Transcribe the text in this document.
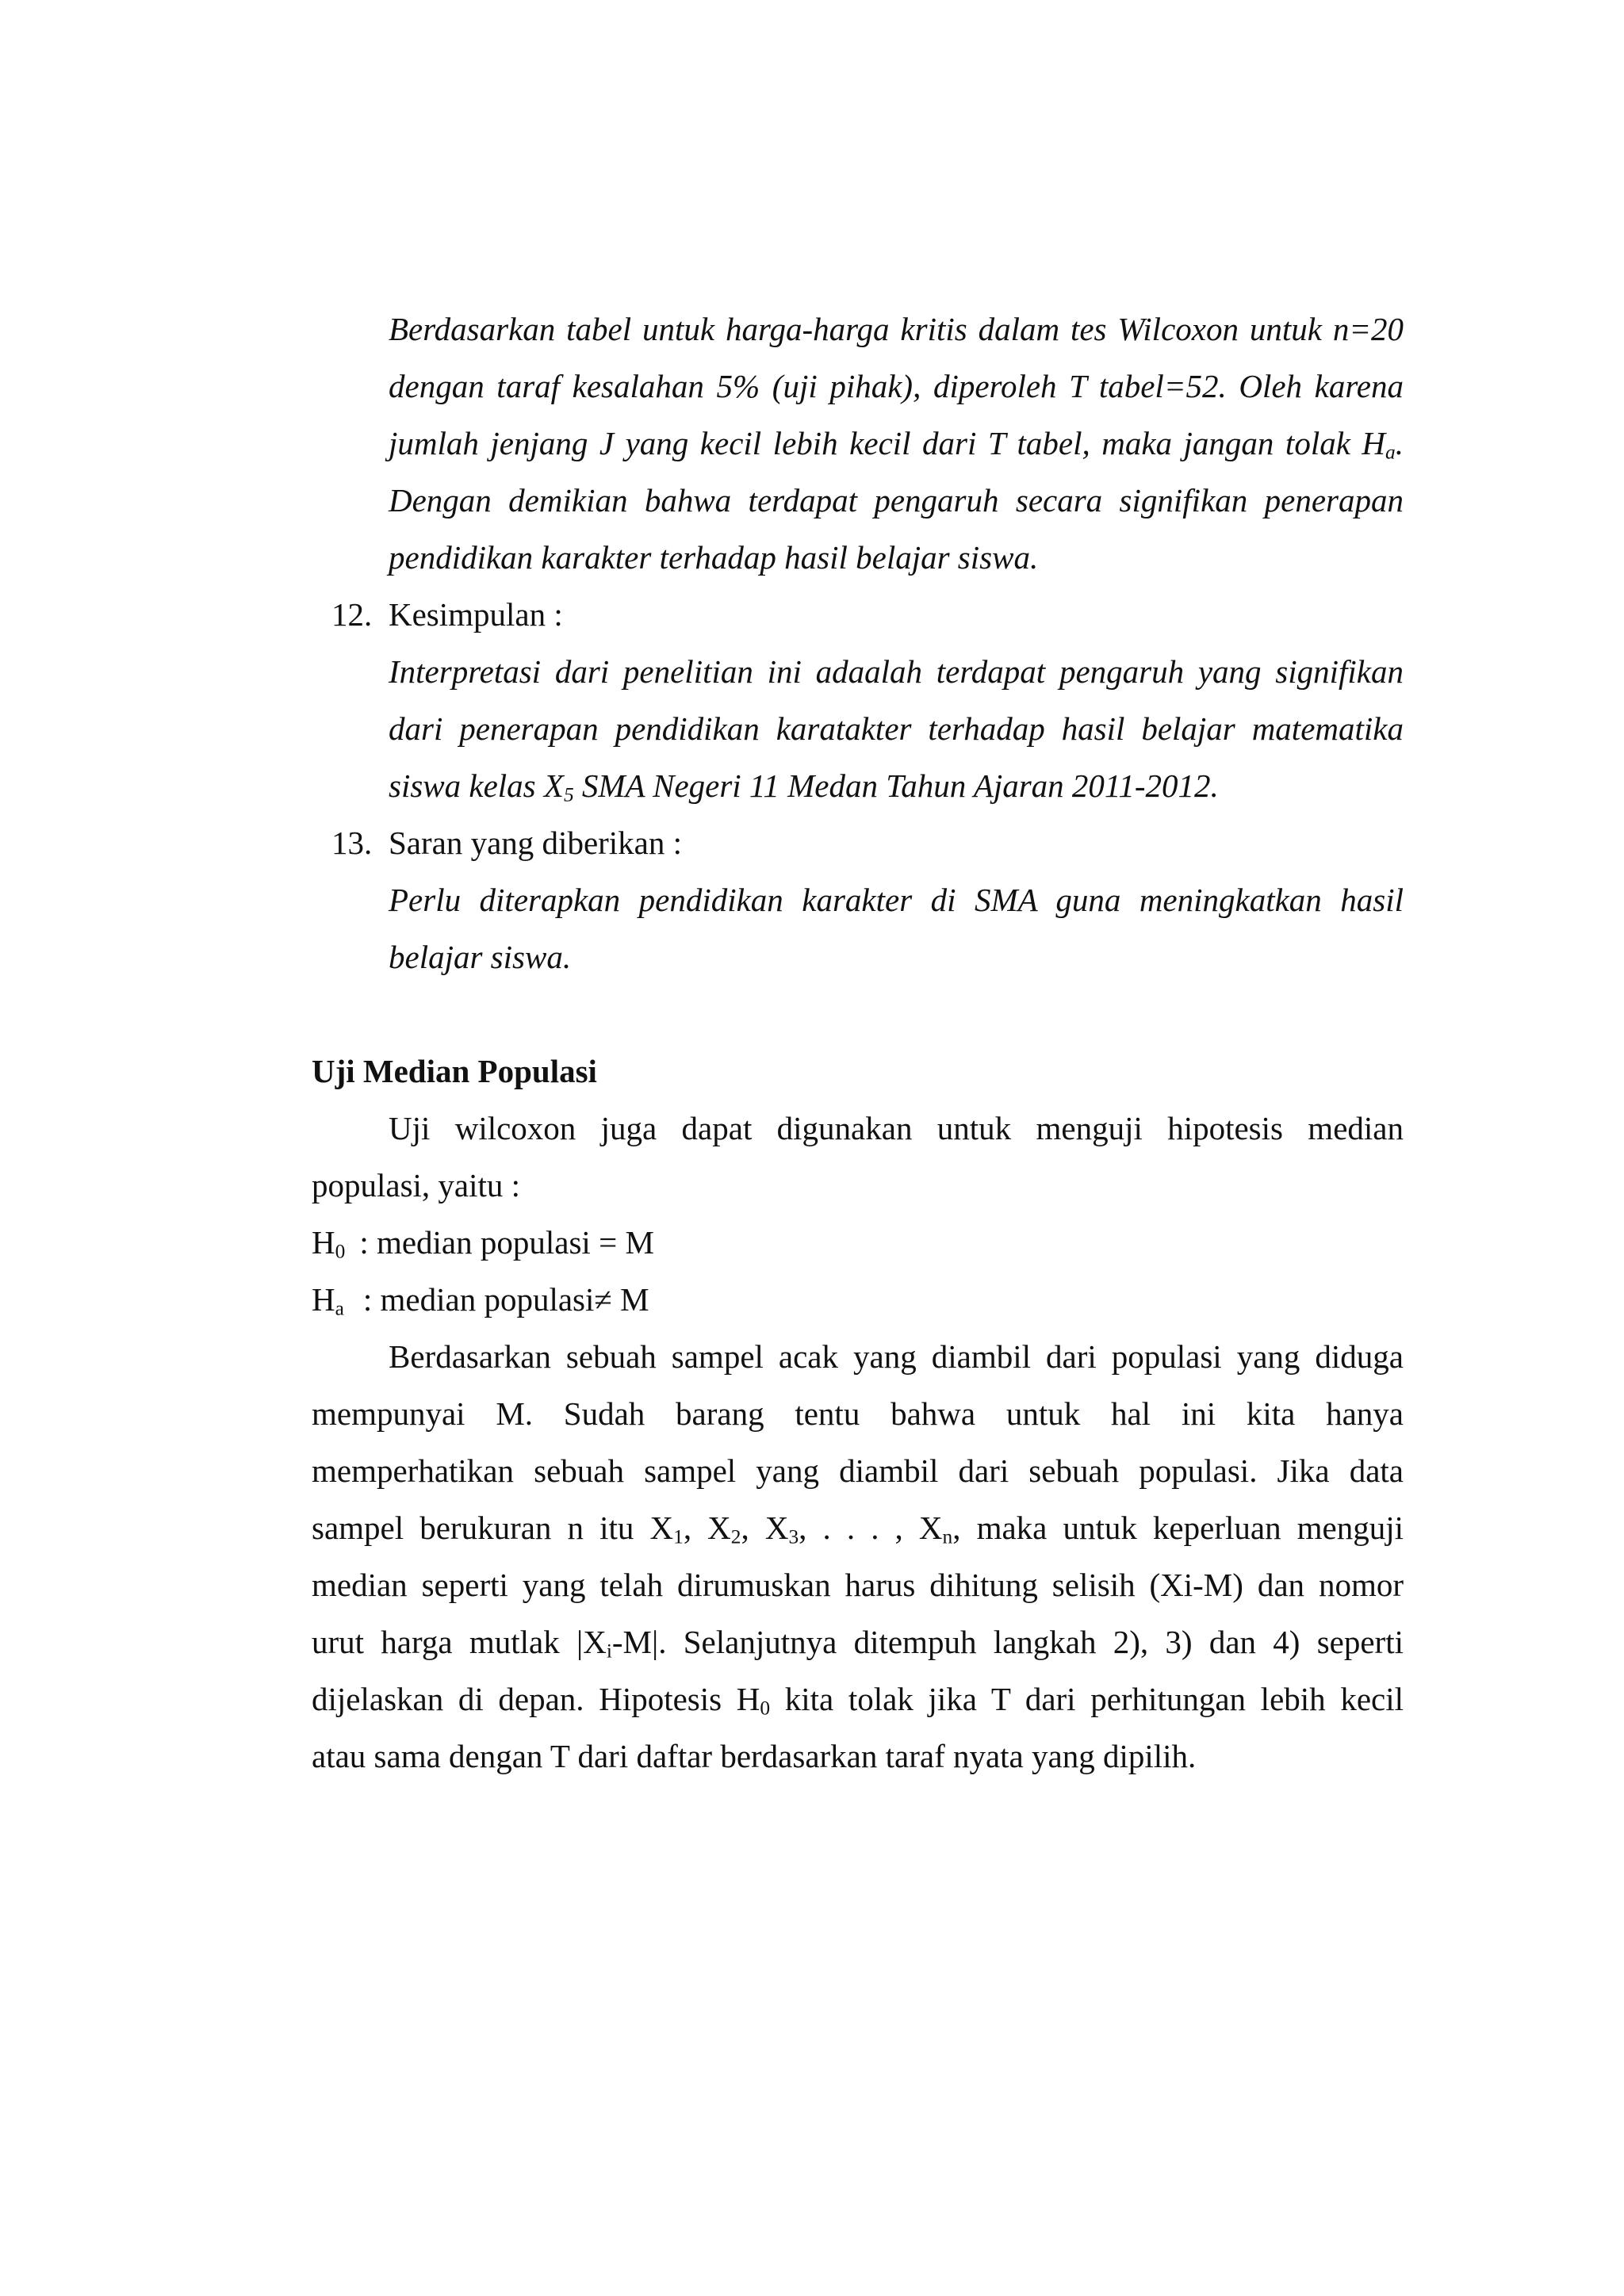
Berdasarkan tabel untuk harga-harga kritis dalam tes Wilcoxon untuk n=20
dengan taraf kesalahan 5% (uji pihak), diperoleh T tabel=52. Oleh karena
jumlah jenjang J yang kecil lebih kecil dari T tabel, maka jangan tolak $H_a$.
Dengan demikian bahwa terdapat pengaruh secara signifikan penerapan
pendidikan karakter terhadap hasil belajar siswa.
12. Kesimpulan :
Interpretasi dari penelitian ini adaalah terdapat pengaruh yang signifikan
dari penerapan pendidikan karatakter terhadap hasil belajar matematika
siswa kelas $X_5$ SMA Negeri 11 Medan Tahun Ajaran 2011-2012.
13. Saran yang diberikan :
Perlu diterapkan pendidikan karakter di SMA guna meningkatkan hasil
belajar siswa.
Uji Median Populasi
Uji wilcoxon juga dapat digunakan untuk menguji hipotesis median
populasi, yaitu :
$H_0$ : median populasi = M
$H_a$ : median populasi≠ M
Berdasarkan sebuah sampel acak yang diambil dari populasi yang diduga
mempunyai M. Sudah barang tentu bahwa untuk hal ini kita hanya
memperhatikan sebuah sampel yang diambil dari sebuah populasi. Jika data
sampel berukuran n itu $X_1$, $X_2$, $X_3$, . . . , $X_n$, maka untuk keperluan menguji
median seperti yang telah dirumuskan harus dihitung selisih (Xi-M) dan nomor
urut harga mutlak $|X_i-M|$. Selanjutnya ditempuh langkah 2), 3) dan 4) seperti
dijelaskan di depan. Hipotesis $H_0$ kita tolak jika T dari perhitungan lebih kecil
atau sama dengan T dari daftar berdasarkan taraf nyata yang dipilih.
